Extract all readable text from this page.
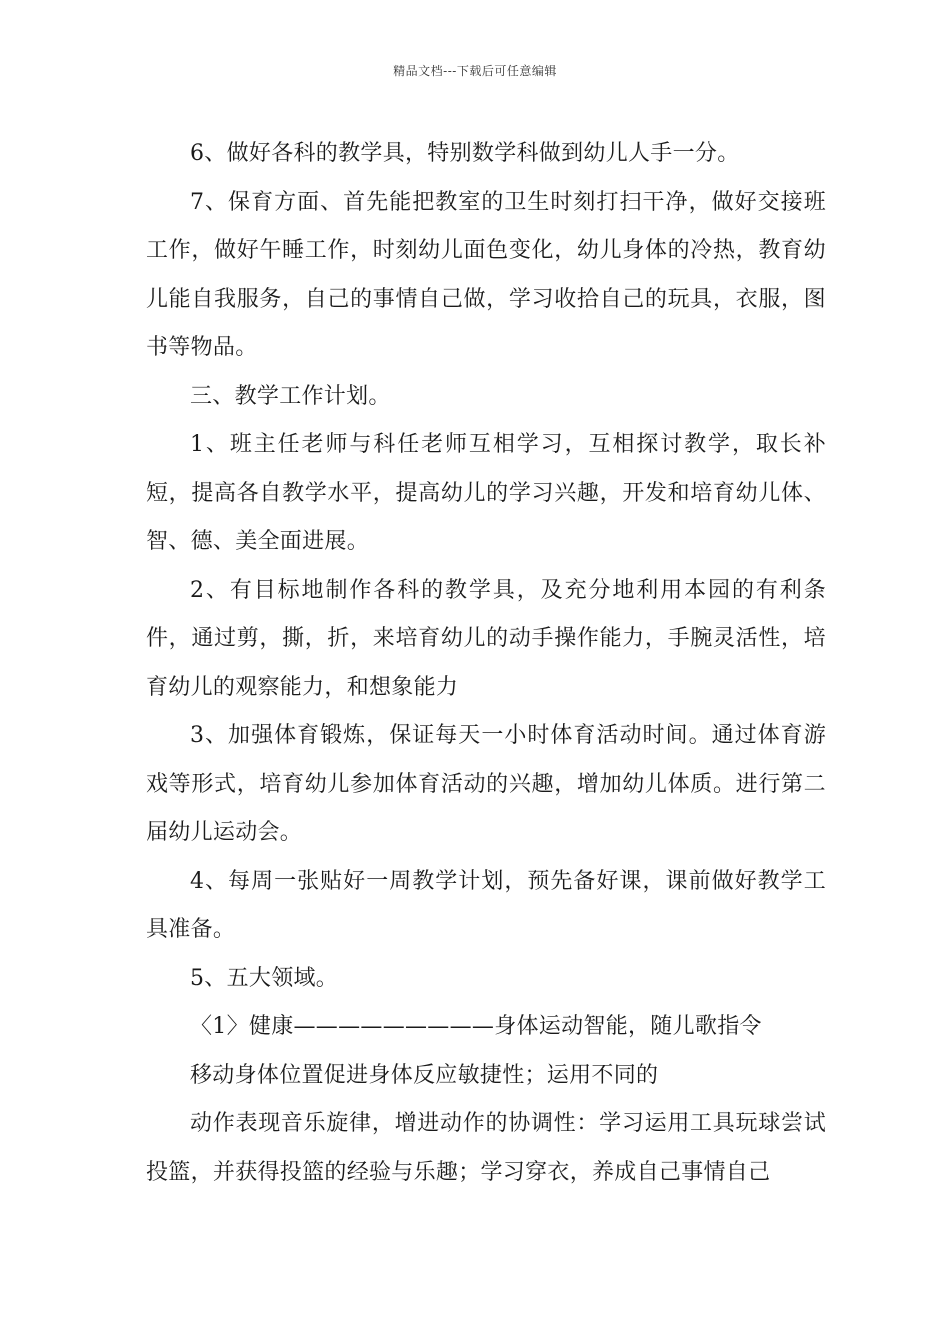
精品文档---下载后可任意编辑

6、做好各科的教学具，特别数学科做到幼儿人手一分。

7、保育方面、首先能把教室的卫生时刻打扫干净，做好交接班工作，做好午睡工作，时刻幼儿面色变化，幼儿身体的冷热，教育幼儿能自我服务，自己的事情自己做，学习收拾自己的玩具，衣服，图书等物品。

三、教学工作计划。

1、班主任老师与科任老师互相学习，互相探讨教学，取长补短，提高各自教学水平，提高幼儿的学习兴趣，开发和培育幼儿体、智、德、美全面进展。

2、有目标地制作各科的教学具，及充分地利用本园的有利条件，通过剪，撕，折，来培育幼儿的动手操作能力，手腕灵活性，培育幼儿的观察能力，和想象能力

3、加强体育锻炼，保证每天一小时体育活动时间。通过体育游戏等形式，培育幼儿参加体育活动的兴趣，增加幼儿体质。进行第二届幼儿运动会。

4、每周一张贴好一周教学计划，预先备好课，课前做好教学工具准备。

5、五大领域。

〈1〉健康—————————身体运动智能，随儿歌指令

移动身体位置促进身体反应敏捷性；运用不同的

动作表现音乐旋律，增进动作的协调性：学习运用工具玩球尝试投篮，并获得投篮的经验与乐趣；学习穿衣，养成自己事情自己
